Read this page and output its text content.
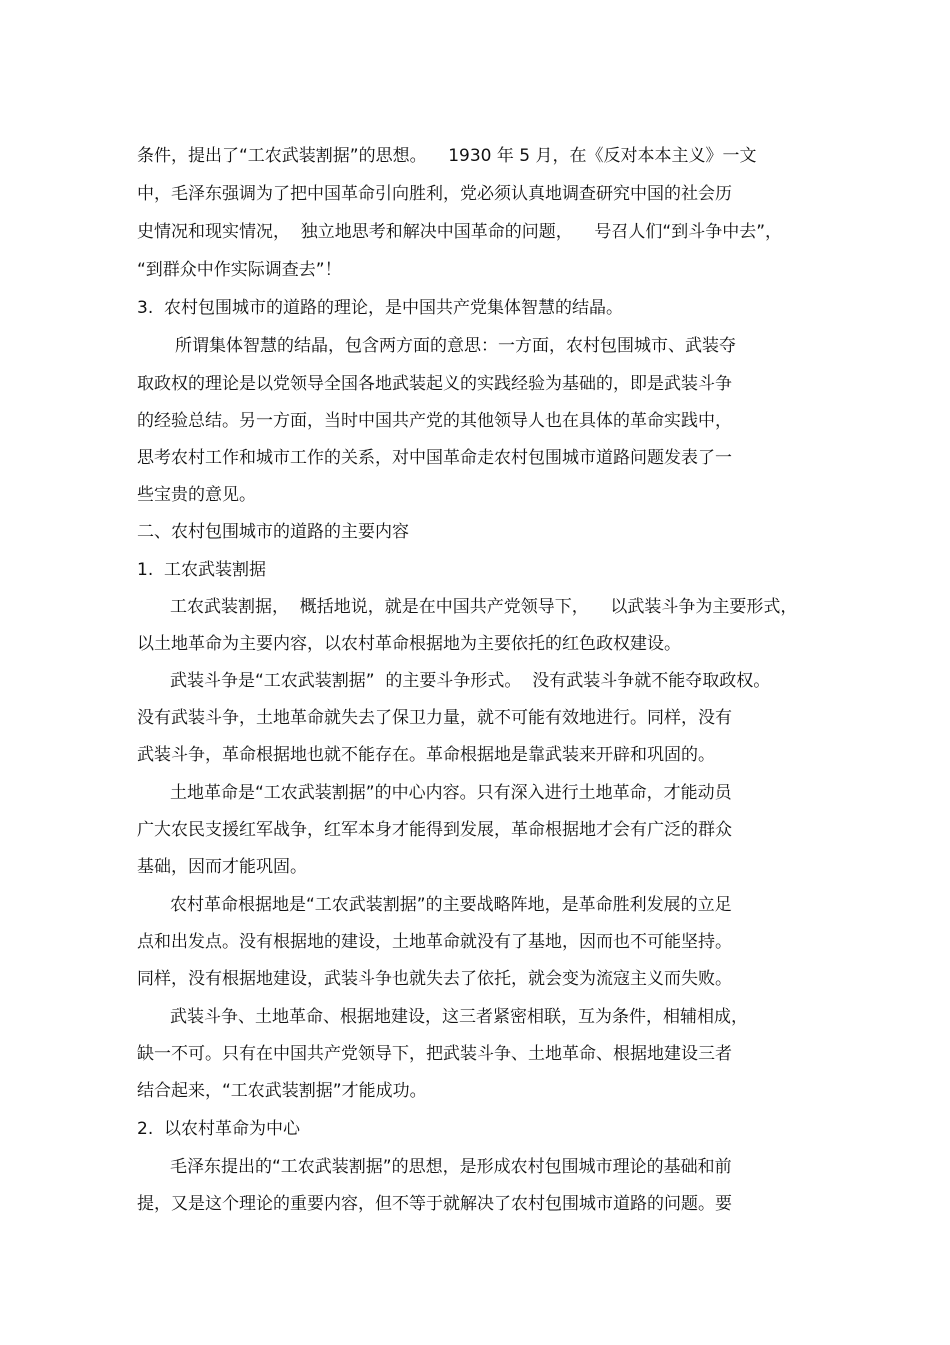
条件，提出了“工农武装割据”的思想。    1930 年 5 月，在《反对本本主义》一文

中，毛泽东强调为了把中国革命引向胜利，党必须认真地调查研究中国的社会历

史情况和现实情况，  独立地思考和解决中国革命的问题，    号召人们“到斗争中去”，

“到群众中作实际调查去”！

3.  农村包围城市的道路的理论，是中国共产党集体智慧的结晶。

所谓集体智慧的结晶，包含两方面的意思：一方面，农村包围城市、武装夺

取政权的理论是以党领导全国各地武装起义的实践经验为基础的，即是武装斗争

的经验总结。另一方面，当时中国共产党的其他领导人也在具体的革命实践中，

思考农村工作和城市工作的关系，对中国革命走农村包围城市道路问题发表了一

些宝贵的意见。

二、农村包围城市的道路的主要内容

1.  工农武装割据

工农武装割据，  概括地说，就是在中国共产党领导下，    以武装斗争为主要形式，

以土地革命为主要内容，以农村革命根据地为主要依托的红色政权建设。

武装斗争是“工农武装割据”  的主要斗争形式。  没有武装斗争就不能夺取政权。

没有武装斗争，土地革命就失去了保卫力量，就不可能有效地进行。同样，没有

武装斗争，革命根据地也就不能存在。革命根据地是靠武装来开辟和巩固的。

土地革命是“工农武装割据”的中心内容。只有深入进行土地革命，才能动员

广大农民支援红军战争，红军本身才能得到发展，革命根据地才会有广泛的群众

基础，因而才能巩固。

农村革命根据地是“工农武装割据”的主要战略阵地，是革命胜利发展的立足

点和出发点。没有根据地的建设，土地革命就没有了基地，因而也不可能坚持。

同样，没有根据地建设，武装斗争也就失去了依托，就会变为流寇主义而失败。

武装斗争、土地革命、根据地建设，这三者紧密相联，互为条件，相辅相成，

缺一不可。只有在中国共产党领导下，把武装斗争、土地革命、根据地建设三者

结合起来，“工农武装割据”才能成功。

2.  以农村革命为中心

毛泽东提出的“工农武装割据”的思想，是形成农村包围城市理论的基础和前

提，又是这个理论的重要内容，但不等于就解决了农村包围城市道路的问题。要
